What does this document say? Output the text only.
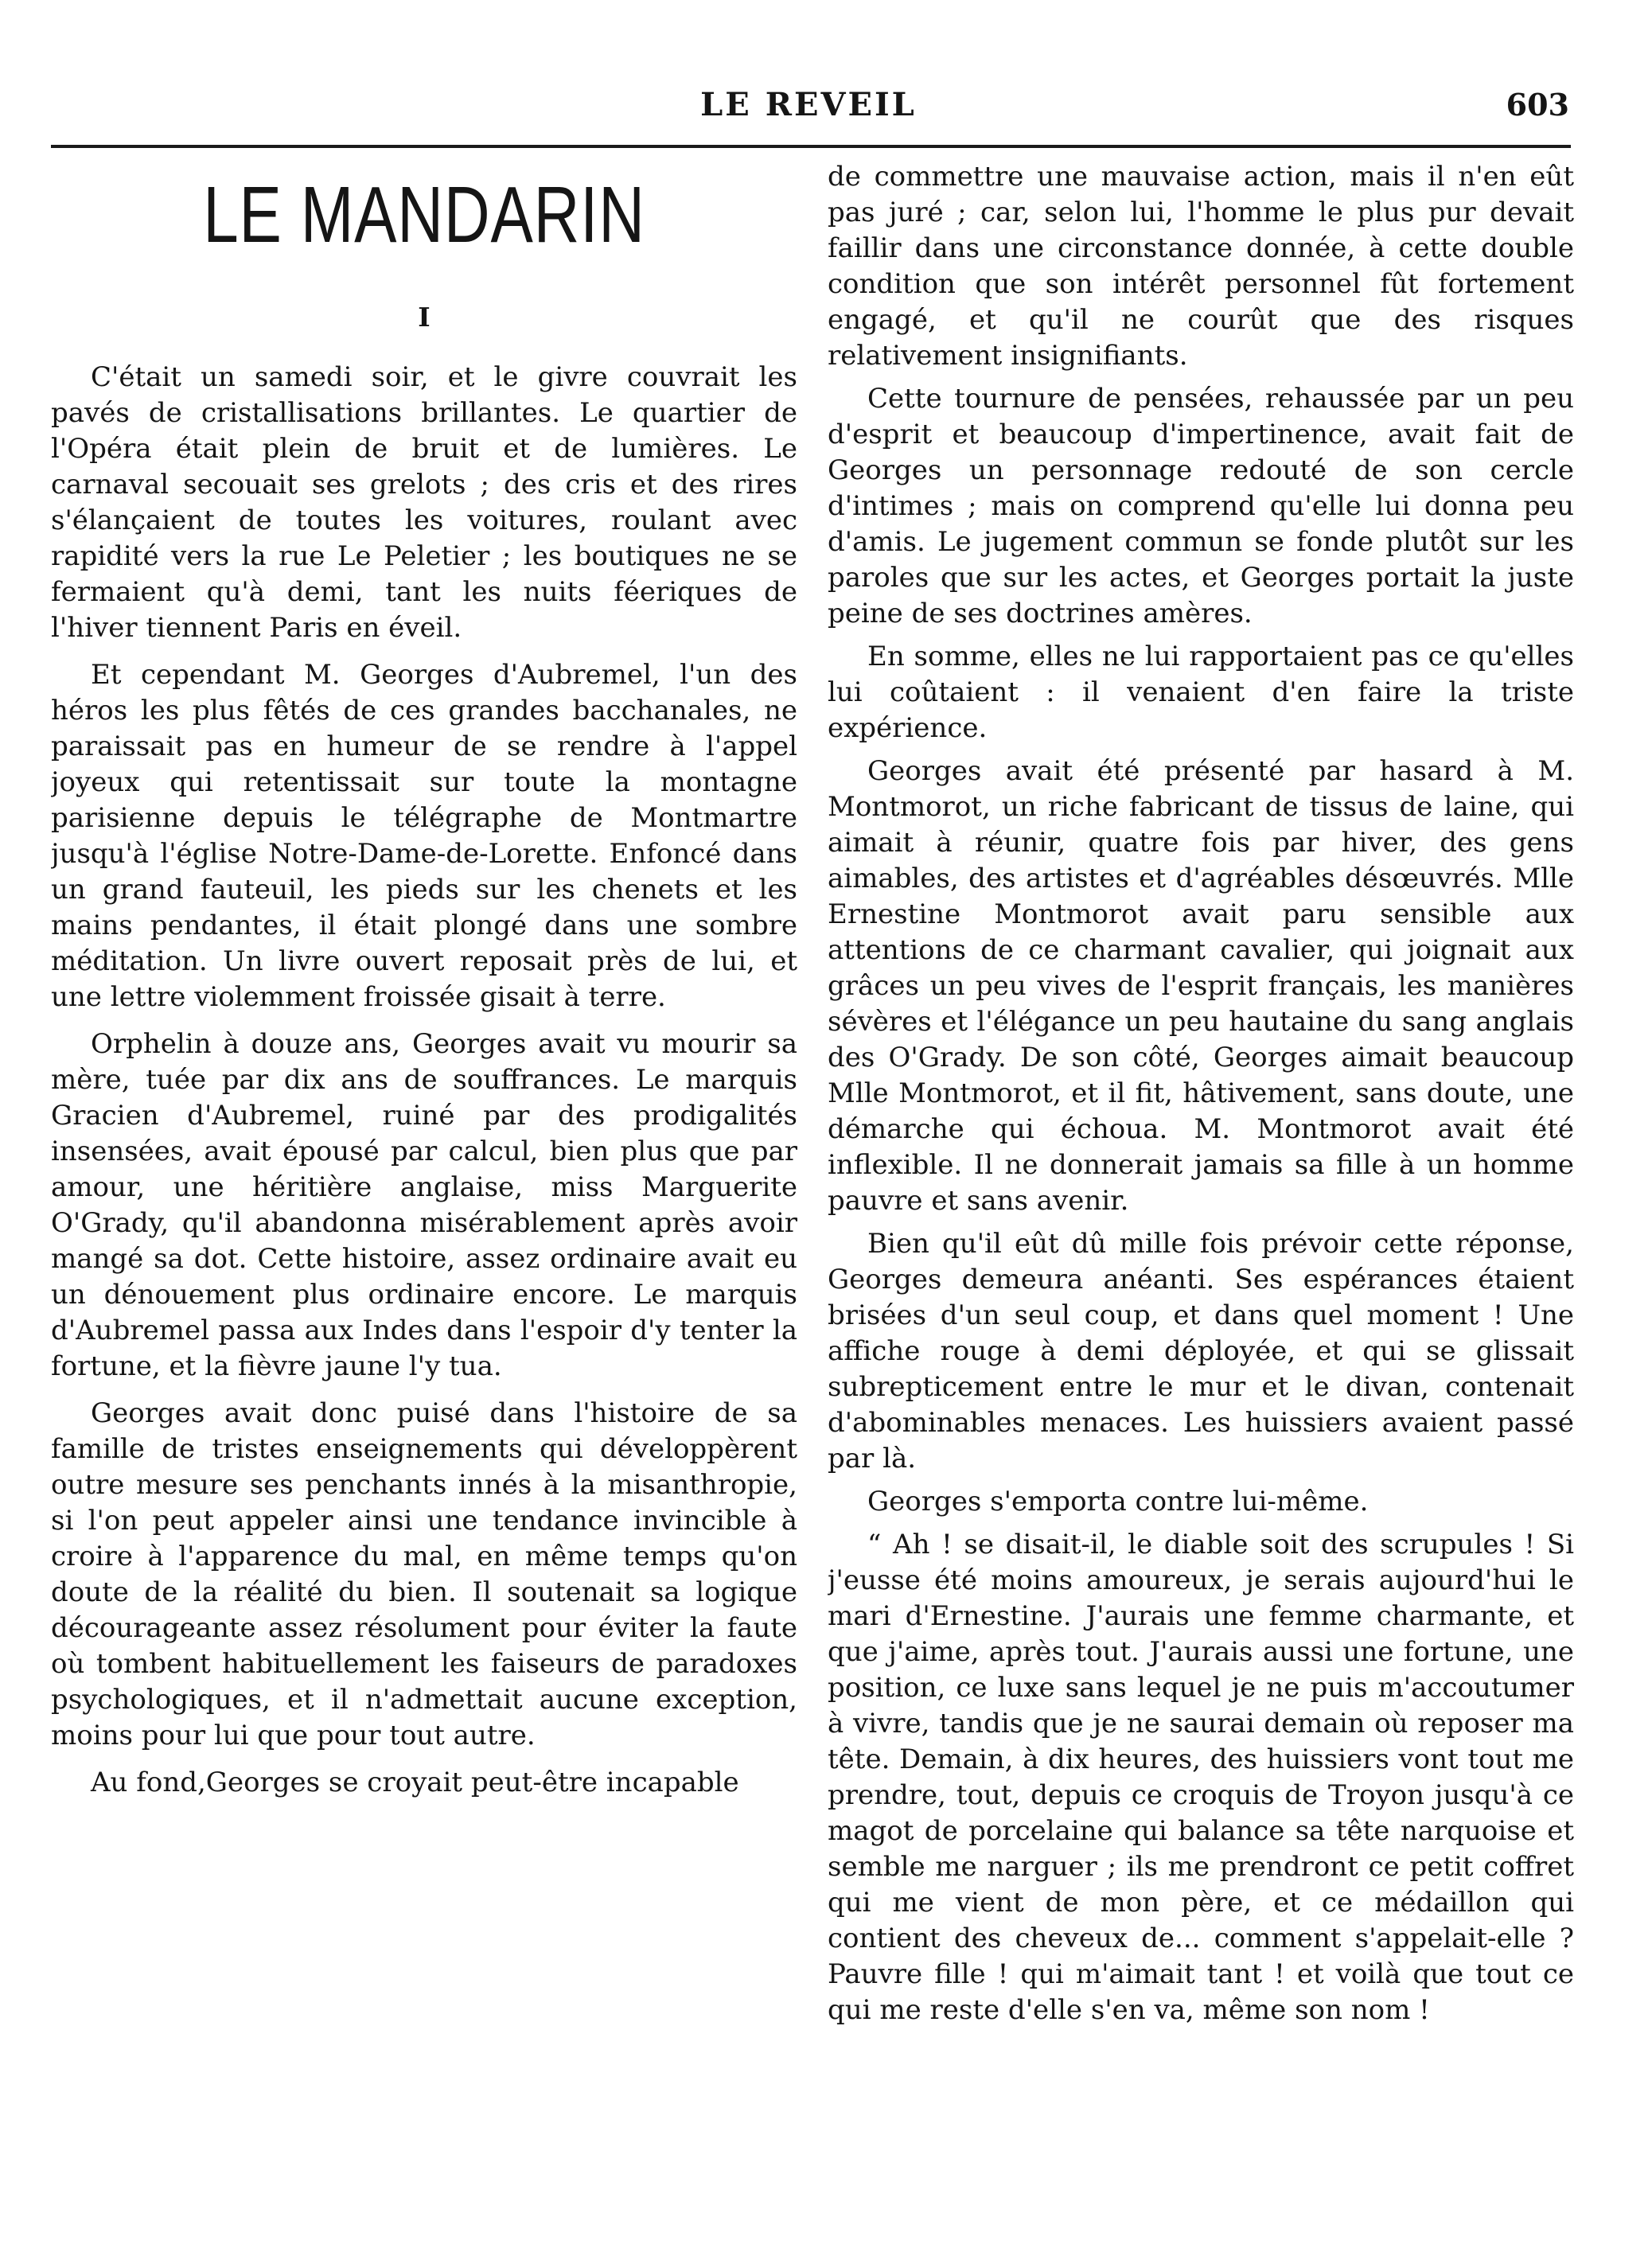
LE REVEIL	603
LE MANDARIN
I

C'était un samedi soir, et le givre couvrait les pavés de cristallisations brillantes. Le quartier de l'Opéra était plein de bruit et de lumières. Le carnaval secouait ses grelots ; des cris et des rires s'élançaient de toutes les voitures, roulant avec rapidité vers la rue Le Peletier ; les boutiques ne se fermaient qu'à demi, tant les nuits féeriques de l'hiver tiennent Paris en éveil.

Et cependant M. Georges d'Aubremel, l'un des héros les plus fêtés de ces grandes bacchanales, ne paraissait pas en humeur de se rendre à l'appel joyeux qui retentissait sur toute la montagne parisienne depuis le télégraphe de Montmartre jusqu'à l'église Notre-Dame-de-Lorette. Enfoncé dans un grand fauteuil, les pieds sur les chenets et les mains pendantes, il était plongé dans une sombre méditation. Un livre ouvert reposait près de lui, et une lettre violemment froissée gisait à terre.

Orphelin à douze ans, Georges avait vu mourir sa mère, tuée par dix ans de souffrances. Le marquis Gracien d'Aubremel, ruiné par des prodigalités insensées, avait épousé par calcul, bien plus que par amour, une héritière anglaise, miss Marguerite O'Grady, qu'il abandonna misérablement après avoir mangé sa dot. Cette histoire, assez ordinaire avait eu un dénouement plus ordinaire encore. Le marquis d'Aubremel passa aux Indes dans l'espoir d'y tenter la fortune, et la fièvre jaune l'y tua.

Georges avait donc puisé dans l'histoire de sa famille de tristes enseignements qui développèrent outre mesure ses penchants innés à la misanthropie, si l'on peut appeler ainsi une tendance invincible à croire à l'apparence du mal, en même temps qu'on doute de la réalité du bien. Il soutenait sa logique décourageante assez résolument pour éviter la faute où tombent habituellement les faiseurs de paradoxes psychologiques, et il n'admettait aucune exception, moins pour lui que pour tout autre.

Au fond,Georges se croyait peut-être incapable

de commettre une mauvaise action, mais il n'en eût pas juré ; car, selon lui, l'homme le plus pur devait faillir dans une circonstance donnée, à cette double condition que son intérêt personnel fût fortement engagé, et qu'il ne courût que des risques relativement insignifiants.

Cette tournure de pensées, rehaussée par un peu d'esprit et beaucoup d'impertinence, avait fait de Georges un personnage redouté de son cercle d'intimes ; mais on comprend qu'elle lui donna peu d'amis. Le jugement commun se fonde plutôt sur les paroles que sur les actes, et Georges portait la juste peine de ses doctrines amères.

En somme, elles ne lui rapportaient pas ce qu'elles lui coûtaient : il venaient d'en faire la triste expérience.

Georges avait été présenté par hasard à M. Montmorot, un riche fabricant de tissus de laine, qui aimait à réunir, quatre fois par hiver, des gens aimables, des artistes et d'agréables désœuvrés. Mlle Ernestine Montmorot avait paru sensible aux attentions de ce charmant cavalier, qui joignait aux grâces un peu vives de l'esprit français, les manières sévères et l'élégance un peu hautaine du sang anglais des O'Grady. De son côté, Georges aimait beaucoup Mlle Montmorot, et il fit, hâtivement, sans doute, une démarche qui échoua. M. Montmorot avait été inflexible. Il ne donnerait jamais sa fille à un homme pauvre et sans avenir.

Bien qu'il eût dû mille fois prévoir cette réponse, Georges demeura anéanti. Ses espérances étaient brisées d'un seul coup, et dans quel moment ! Une affiche rouge à demi déployée, et qui se glissait subrepticement entre le mur et le divan, contenait d'abominables menaces. Les huissiers avaient passé par là.

Georges s'emporta contre lui-même.

“ Ah ! se disait-il, le diable soit des scrupules ! Si j'eusse été moins amoureux, je serais aujourd'hui le mari d'Ernestine. J'aurais une femme charmante, et que j'aime, après tout. J'aurais aussi une fortune, une position, ce luxe sans lequel je ne puis m'accoutumer à vivre, tandis que je ne saurai demain où reposer ma tête. Demain, à dix heures, des huissiers vont tout me prendre, tout, depuis ce croquis de Troyon jusqu'à ce magot de porcelaine qui balance sa tête narquoise et semble me narguer ; ils me prendront ce petit coffret qui me vient de mon père, et ce médaillon qui contient des cheveux de... comment s'appelait-elle ? Pauvre fille ! qui m'aimait tant ! et voilà que tout ce qui me reste d'elle s'en va, même son nom !
